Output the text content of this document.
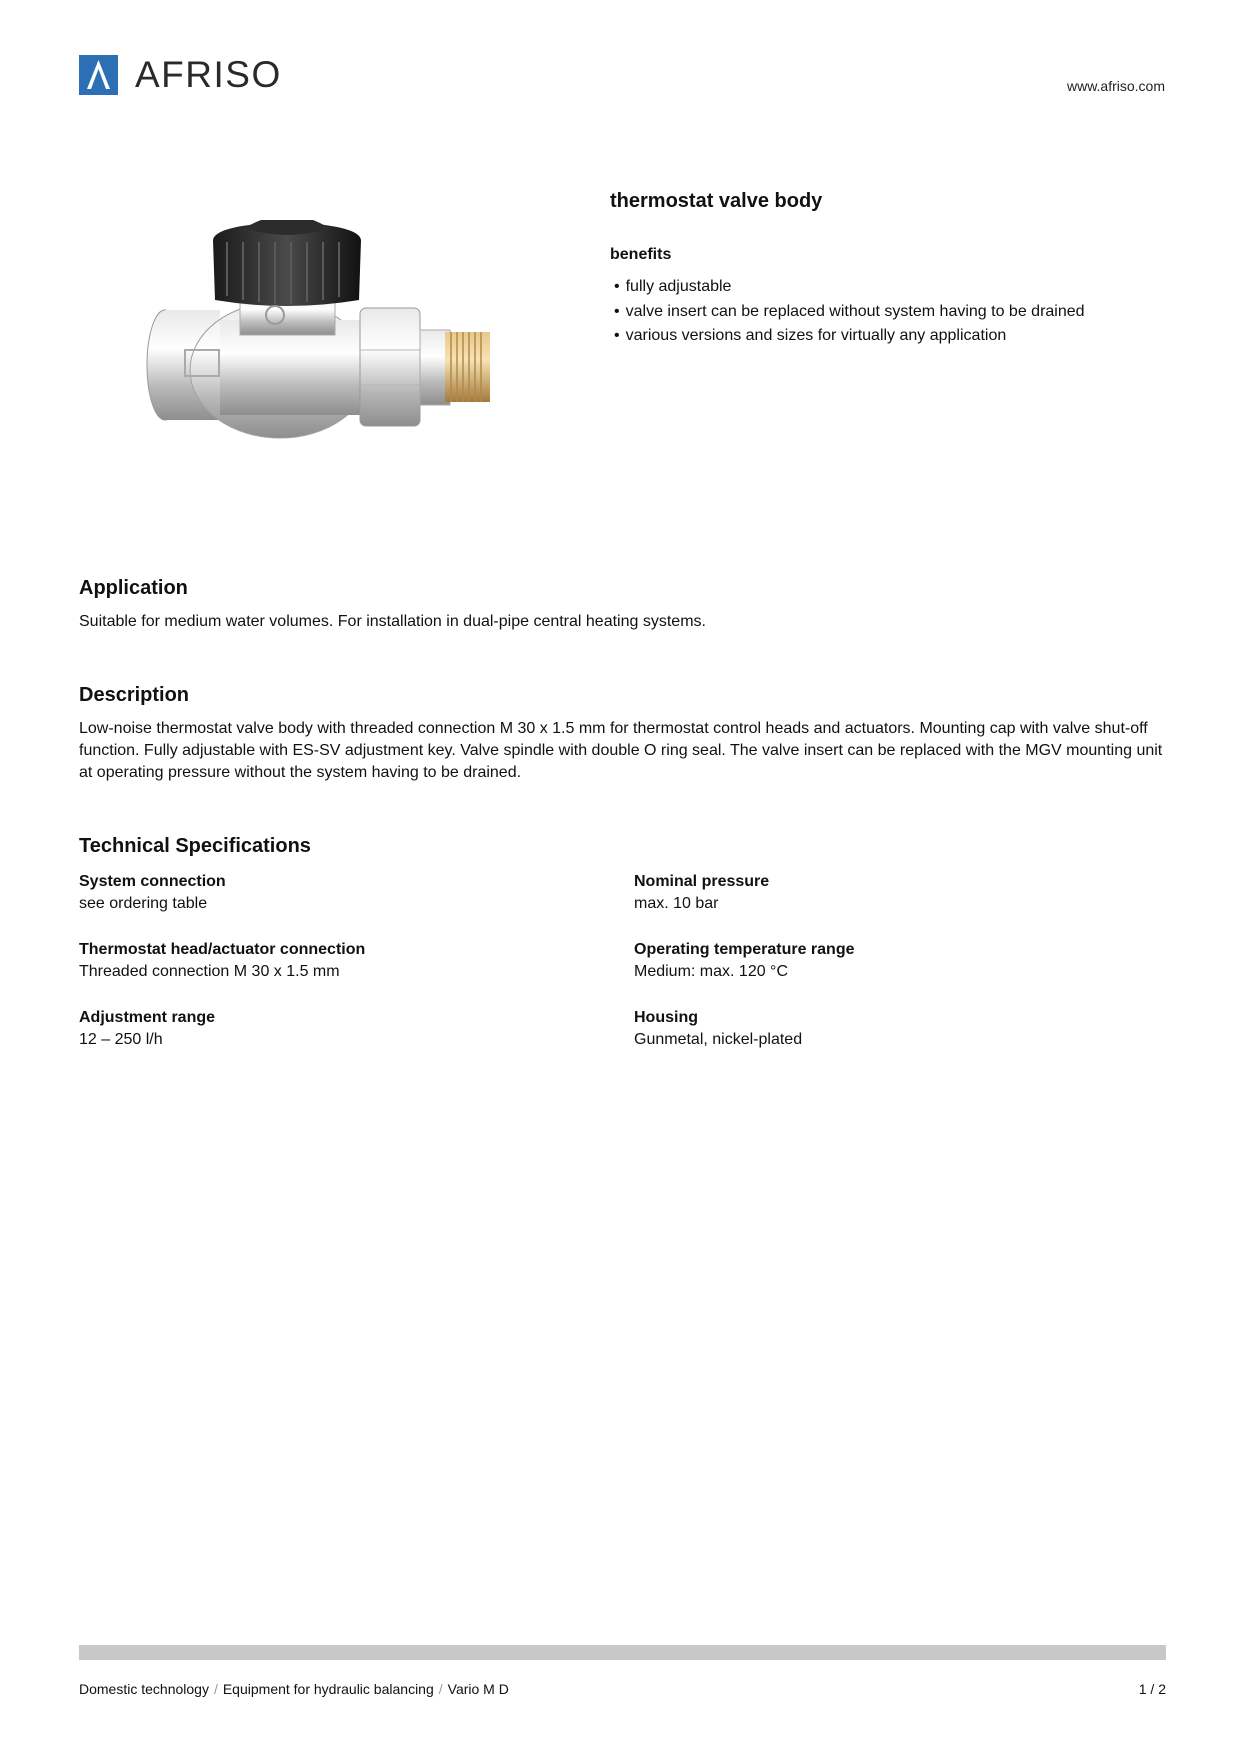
AFRISO	www.afriso.com
thermostat valve body
benefits
• fully adjustable
• valve insert can be replaced without system having to be drained
• various versions and sizes for virtually any application
Application

Suitable for medium water volumes. For installation in dual-pipe central heating systems.

Description

Low-noise thermostat valve body with threaded connection M 30 x 1.5 mm for thermostat control heads and actuators. Mounting cap with valve shut-off function. Fully adjustable with ES-SV adjustment key. Valve spindle with double O ring seal. The valve insert can be replaced with the MGV mounting unit at operating pressure without the system having to be drained.

Technical Specifications
System connection
see ordering table
Nominal pressure
max. 10 bar
Thermostat head/actuator connection
Threaded connection M 30 x 1.5 mm
Operating temperature range
Medium: max. 120 °C
Adjustment range
12 – 250 l/h
Housing
Gunmetal, nickel-plated
Domestic technology / Equipment for hydraulic balancing / Vario M D	1 / 2
